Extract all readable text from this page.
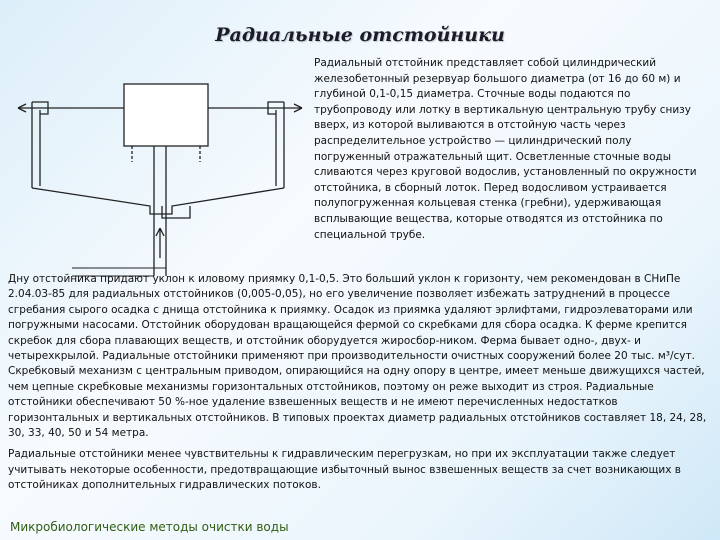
Радиальные отстойники
Радиальный отстойник представляет собой цилиндрический железобетонный резервуар большого диаметра (от 16 до 60 м) и глубиной 0,1-0,15 диаметра. Сточные воды подаются по трубопроводу или лотку в вертикальную центральную трубу снизу вверх, из которой выливаются в отстойную часть через распределительное устройство — цилиндрический полу погруженный отражательный щит. Осветленные сточные воды сливаются через круговой водослив, установленный по окружности отстойника, в сборный лоток. Перед водосливом устраивается полупогруженная кольцевая стенка (гребни), удерживающая всплывающие вещества, которые отводятся из отстойника по специальной трубе.

Дну отстойника придают уклон к иловому приямку 0,1-0,5. Это больший уклон к горизонту, чем рекомендован в СНиПе 2.04.03-85 для радиальных отстойников (0,005-0,05), но его увеличение позволяет избежать затруднений в процессе сгребания сырого осадка с днища отстойника к приямку. Осадок из приямка удаляют эрлифтами, гидроэлеваторами или погружными насосами. Отстойник оборудован вращающейся фермой со скребками для сбора осадка. К ферме крепится скребок для сбора плавающих веществ, и отстойник оборудуется жиросбор-ником. Ферма бывает одно-, двух- и четырехкрылой. Радиальные отстойники применяют при производительности очистных сооружений более 20 тыс. м³/сут. Скребковый механизм с центральным приводом, опирающийся на одну опору в центре, имеет меньше движущихся частей, чем цепные скребковые механизмы горизонтальных отстойников, поэтому он реже выходит из строя. Радиальные отстойники обеспечивают 50 %-ное удаление взвешенных веществ и не имеют перечисленных недостатков горизонтальных и вертикальных отстойников. В типовых проектах диаметр радиальных отстойников составляет 18, 24, 28, 30, 33, 40, 50 и 54 метра.

Радиальные отстойники менее чувствительны к гидравлическим перегрузкам, но при их эксплуатации также следует учитывать некоторые особенности, предотвращающие избыточный вынос взвешенных веществ за счет возникающих в отстойниках дополнительных гидравлических потоков.

Микробиологические методы очистки воды
